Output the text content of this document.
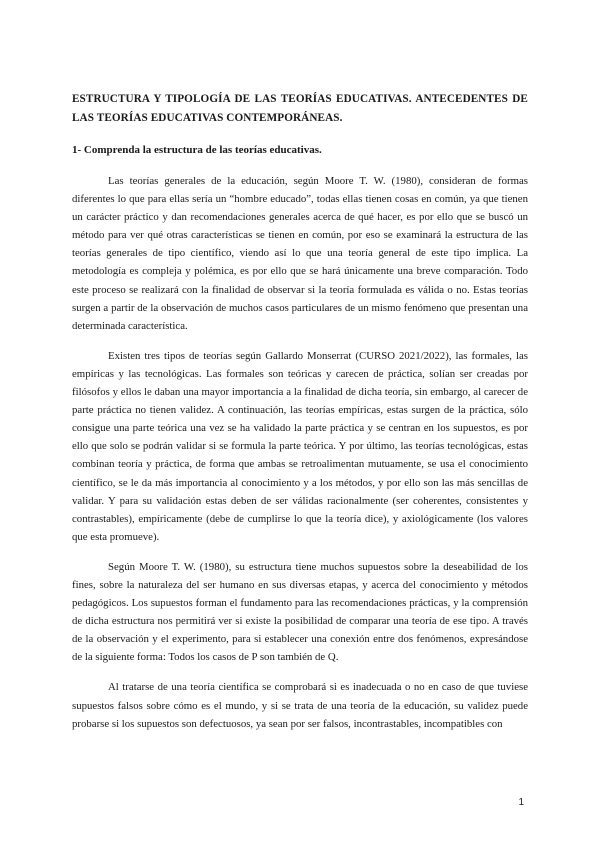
ESTRUCTURA Y TIPOLOGÍA DE LAS TEORÍAS EDUCATIVAS. ANTECEDENTES DE LAS TEORÍAS EDUCATIVAS CONTEMPORÁNEAS.
1- Comprenda la estructura de las teorías educativas.

Las teorías generales de la educación, según Moore T. W. (1980), consideran de formas diferentes lo que para ellas sería un “hombre educado”, todas ellas tienen cosas en común, ya que tienen un carácter práctico y dan recomendaciones generales acerca de qué hacer, es por ello que se buscó un método para ver qué otras características se tienen en común, por eso se examinará la estructura de las teorías generales de tipo científico, viendo así lo que una teoría general de este tipo implica. La metodología es compleja y polémica, es por ello que se hará únicamente una breve comparación. Todo este proceso se realizará con la finalidad de observar si la teoría formulada es válida o no. Estas teorías surgen a partir de la observación de muchos casos particulares de un mismo fenómeno que presentan una determinada característica.

Existen tres tipos de teorías según Gallardo Monserrat (CURSO 2021/2022), las formales, las empíricas y las tecnológicas. Las formales son teóricas y carecen de práctica, solían ser creadas por filósofos y ellos le daban una mayor importancia a la finalidad de dicha teoría, sin embargo, al carecer de parte práctica no tienen validez. A continuación, las teorías empíricas, estas surgen de la práctica, sólo consigue una parte teórica una vez se ha validado la parte práctica y se centran en los supuestos, es por ello que solo se podrán validar si se formula la parte teórica. Y por último, las teorías tecnológicas, estas combinan teoría y práctica, de forma que ambas se retroalimentan mutuamente, se usa el conocimiento científico, se le da más importancia al conocimiento y a los métodos, y por ello son las más sencillas de validar. Y para su validación estas deben de ser válidas racionalmente (ser coherentes, consistentes y contrastables), empíricamente (debe de cumplirse lo que la teoría dice), y axiológicamente (los valores que esta promueve).

Según Moore T. W. (1980), su estructura tiene muchos supuestos sobre la deseabilidad de los fines, sobre la naturaleza del ser humano en sus diversas etapas, y acerca del conocimiento y métodos pedagógicos. Los supuestos forman el fundamento para las recomendaciones prácticas, y la comprensión de dicha estructura nos permitirá ver si existe la posibilidad de comparar una teoría de ese tipo. A través de la observación y el experimento, para si establecer una conexión entre dos fenómenos, expresándose de la siguiente forma: Todos los casos de P son también de Q.

Al tratarse de una teoría científica se comprobará si es inadecuada o no en caso de que tuviese supuestos falsos sobre cómo es el mundo, y si se trata de una teoría de la educación, su validez puede probarse si los supuestos son defectuosos, ya sean por ser falsos, incontrastables, incompatibles con

1
